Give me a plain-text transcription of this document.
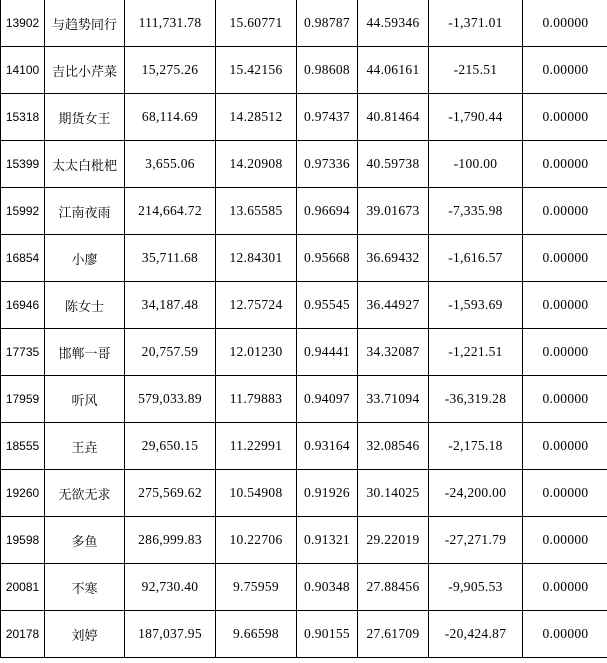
13902	与趋势同行	111,731.78	15.60771	0.98787	44.59346	-1,371.01	0.00000
14100	吉比小芹菜	15,275.26	15.42156	0.98608	44.06161	-215.51	0.00000
15318	期货女王	68,114.69	14.28512	0.97437	40.81464	-1,790.44	0.00000
15399	太太白枇杷	3,655.06	14.20908	0.97336	40.59738	-100.00	0.00000
15992	江南夜雨	214,664.72	13.65585	0.96694	39.01673	-7,335.98	0.00000
16854	小廖	35,711.68	12.84301	0.95668	36.69432	-1,616.57	0.00000
16946	陈女士	34,187.48	12.75724	0.95545	36.44927	-1,593.69	0.00000
17735	邯郸一哥	20,757.59	12.01230	0.94441	34.32087	-1,221.51	0.00000
17959	听风	579,033.89	11.79883	0.94097	33.71094	-36,319.28	0.00000
18555	王垚	29,650.15	11.22991	0.93164	32.08546	-2,175.18	0.00000
19260	无欲无求	275,569.62	10.54908	0.91926	30.14025	-24,200.00	0.00000
19598	多鱼	286,999.83	10.22706	0.91321	29.22019	-27,271.79	0.00000
20081	不寒	92,730.40	9.75959	0.90348	27.88456	-9,905.53	0.00000
20178	刘婷	187,037.95	9.66598	0.90155	27.61709	-20,424.87	0.00000
